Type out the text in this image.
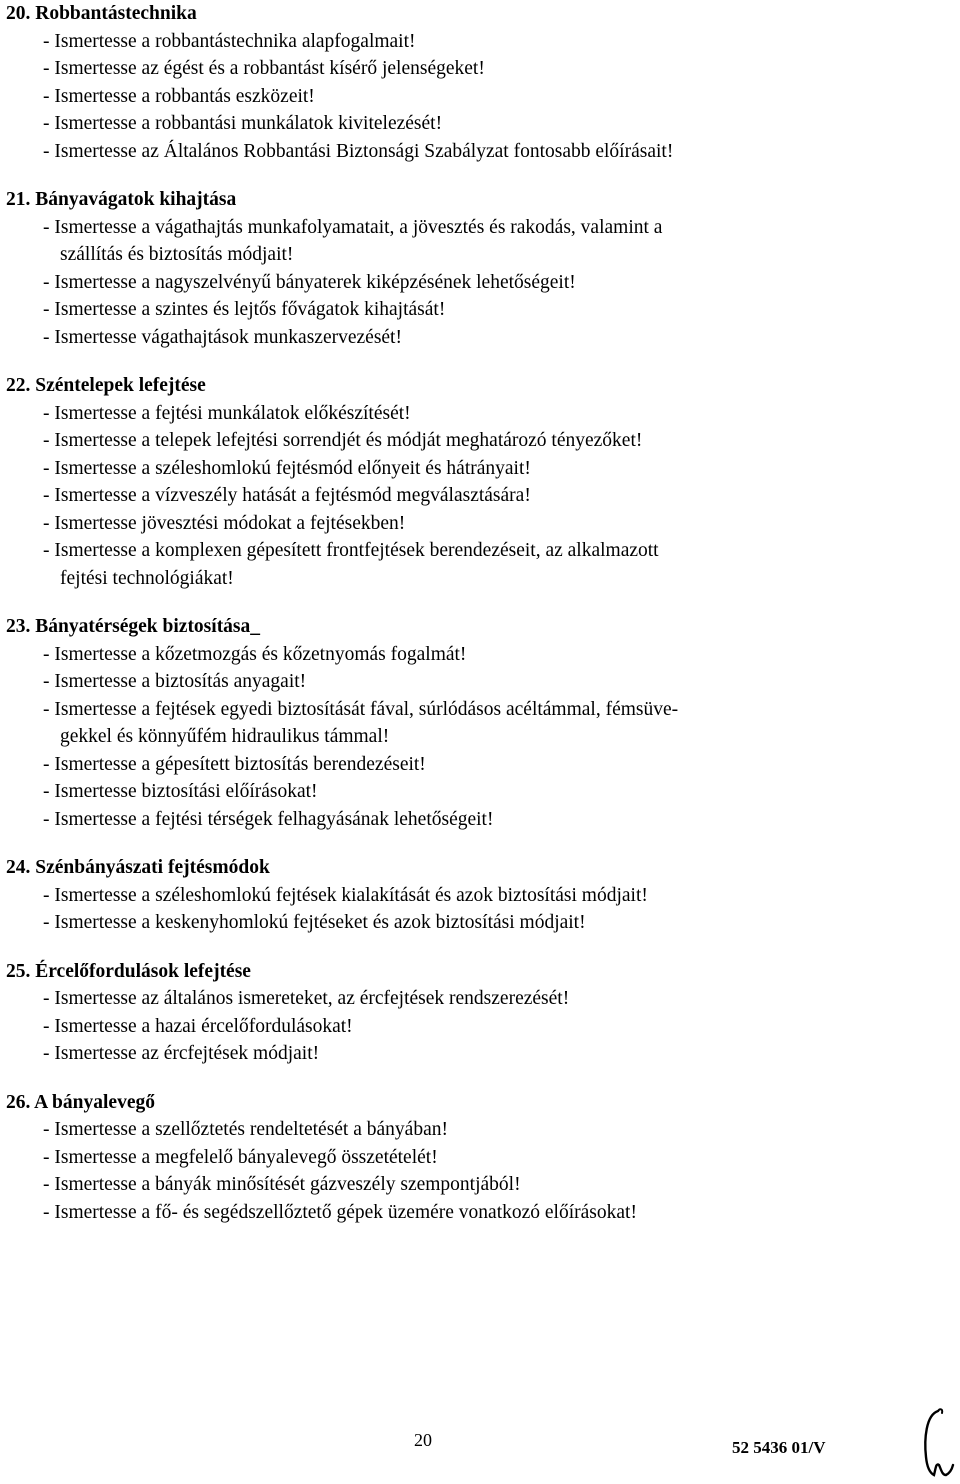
20. Robbantástechnika
- Ismertesse a robbantástechnika alapfogalmait!
- Ismertesse az égést és a robbantást kísérő jelenségeket!
- Ismertesse a robbantás eszközeit!
- Ismertesse a robbantási munkálatok kivitelezését!
- Ismertesse az Általános Robbantási Biztonsági Szabályzat fontosabb előírásait!
21. Bányavágatok kihajtása
- Ismertesse a vágathajtás munkafolyamatait, a jövesztés és rakodás, valamint a
szállítás és biztosítás módjait!
- Ismertesse a nagyszelvényű bányaterek kiképzésének lehetőségeit!
- Ismertesse a szintes és lejtős fővágatok kihajtását!
- Ismertesse vágathajtások munkaszervezését!
22. Széntelepek lefejtése
- Ismertesse a fejtési munkálatok előkészítését!
- Ismertesse a telepek lefejtési sorrendjét és módját meghatározó tényezőket!
- Ismertesse a széleshomlokú fejtésmód előnyeit és hátrányait!
- Ismertesse a vízveszély hatását a fejtésmód megválasztására!
- Ismertesse jövesztési módokat a fejtésekben!
- Ismertesse a komplexen gépesített frontfejtések berendezéseit, az alkalmazott
fejtési technológiákat!
23. Bányatérségek biztosítása_
- Ismertesse a kőzetmozgás és kőzetnyomás fogalmát!
- Ismertesse a biztosítás anyagait!
- Ismertesse a fejtések egyedi biztosítását fával, súrlódásos acéltámmal, fémsüve-
gekkel és könnyűfém hidraulikus támmal!
- Ismertesse a gépesített biztosítás berendezéseit!
- Ismertesse biztosítási előírásokat!
- Ismertesse a fejtési térségek felhagyásának lehetőségeit!
24. Szénbányászati fejtésmódok
- Ismertesse a széleshomlokú fejtések kialakítását és azok biztosítási módjait!
- Ismertesse a keskenyhomlokú fejtéseket és azok biztosítási módjait!
25. Ércelőfordulások lefejtése
- Ismertesse az általános ismereteket, az ércfejtések rendszerezését!
- Ismertesse a hazai ércelőfordulásokat!
- Ismertesse az ércfejtések módjait!
26. A bányalevegő
- Ismertesse a szellőztetés rendeltetését a bányában!
- Ismertesse a megfelelő bányalevegő összetételét!
- Ismertesse a bányák minősítését gázveszély szempontjából!
- Ismertesse a fő- és segédszellőztető gépek üzemére vonatkozó előírásokat!
20	52 5436 01/V
